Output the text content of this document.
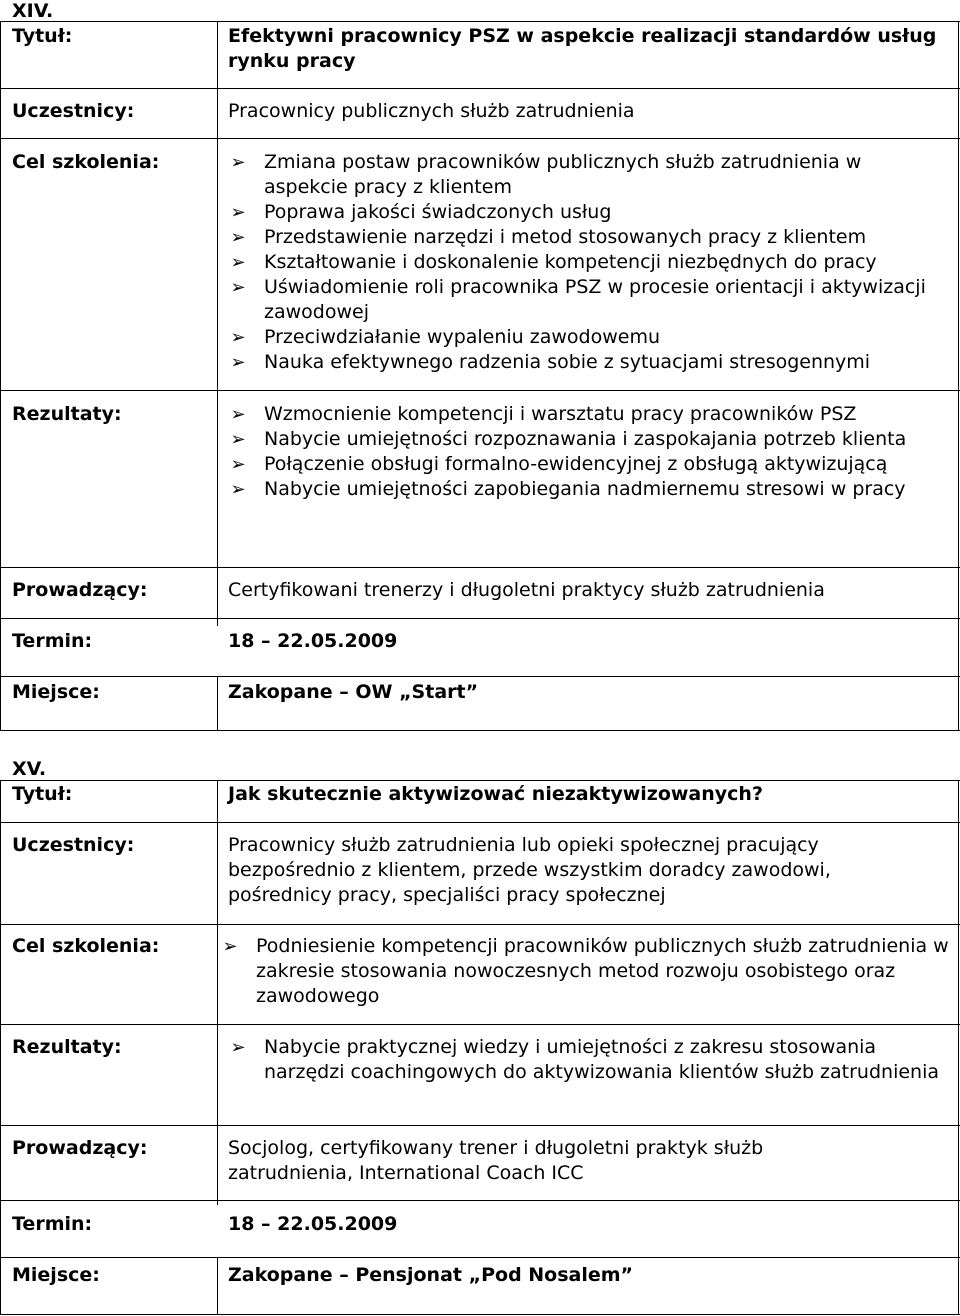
XIV.
Tytuł:
Uczestnicy:
Cel szkolenia:
Rezultaty:
Prowadzący:
Termin:
Miejsce:
Efektywni pracownicy PSZ w aspekcie realizacji standardów usług rynku pracy
Pracownicy publicznych służb zatrudnienia
➢ Zmiana postaw pracowników publicznych służb zatrudnienia w aspekcie pracy z klientem
➢ Poprawa jakości świadczonych usług
➢ Przedstawienie narzędzi i metod stosowanych pracy z klientem
➢ Kształtowanie i doskonalenie kompetencji niezbędnych do pracy
➢ Uświadomienie roli pracownika PSZ w procesie orientacji i aktywizacji zawodowej
➢ Przeciwdziałanie wypaleniu zawodowemu
➢ Nauka efektywnego radzenia sobie z sytuacjami stresogennymi
➢ Wzmocnienie kompetencji i warsztatu pracy pracowników PSZ
➢ Nabycie umiejętności rozpoznawania i zaspokajania potrzeb klienta
➢ Połączenie obsługi formalno-ewidencyjnej z obsługą aktywizującą
➢ Nabycie umiejętności zapobiegania nadmiernemu stresowi w pracy
Certyfikowani trenerzy i długoletni praktycy służb zatrudnienia
18 – 22.05.2009
Zakopane – OW „Start”
XV.
Tytuł:
Uczestnicy:
Cel szkolenia:
Rezultaty:
Prowadzący:
Termin:
Miejsce:
Jak skutecznie aktywizować niezaktywizowanych?
Pracownicy służb zatrudnienia lub opieki społecznej pracujący bezpośrednio z klientem, przede wszystkim doradcy zawodowi, pośrednicy pracy, specjaliści pracy społecznej
➢ Podniesienie kompetencji pracowników publicznych służb zatrudnienia w zakresie stosowania nowoczesnych metod rozwoju osobistego oraz zawodowego
➢ Nabycie praktycznej wiedzy i umiejętności z zakresu stosowania narzędzi coachingowych do aktywizowania klientów służb zatrudnienia
Socjolog, certyfikowany trener i długoletni praktyk służb zatrudnienia, International Coach ICC
18 – 22.05.2009
Zakopane – Pensjonat „Pod Nosalem”
